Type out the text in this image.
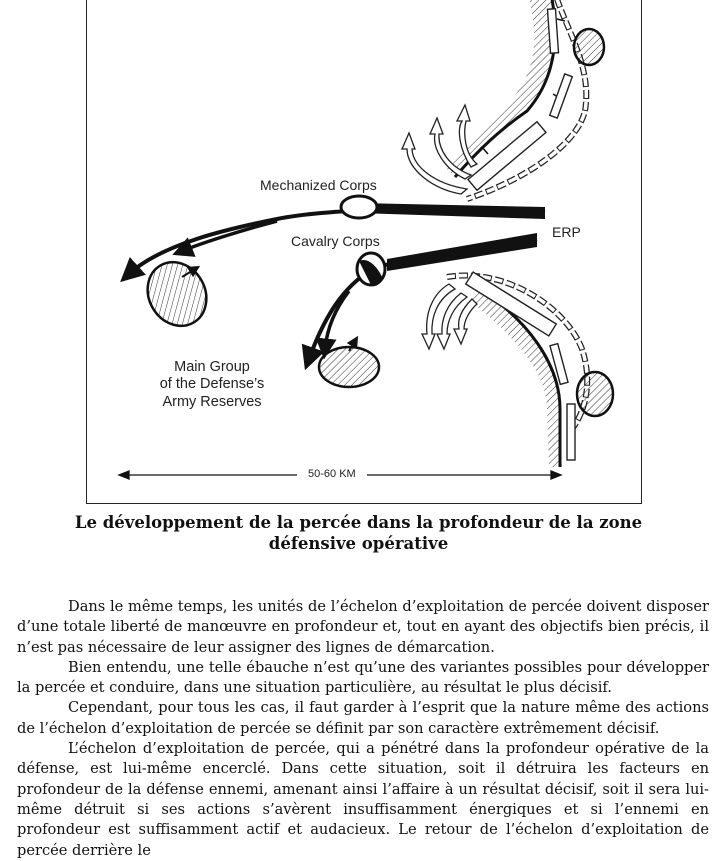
Mechanized Corps
Cavalry Corps
ERP
Main Group
of the Defense’s
Army Reserves
50-60 KM
Le développement de la percée dans la profondeur de la zone défensive opérative

Dans le même temps, les unités de l’échelon d’exploitation de percée doivent disposer d’une totale liberté de manœuvre en profondeur et, tout en ayant des objectifs bien précis, il n’est pas nécessaire de leur assigner des lignes de démarcation.

Bien entendu, une telle ébauche n’est qu’une des variantes possibles pour développer la percée et conduire, dans une situation particulière, au résultat le plus décisif.

Cependant, pour tous les cas, il faut garder à l’esprit que la nature même des actions de l’échelon d’exploitation de percée se définit par son caractère extrêmement décisif.

L’échelon d’exploitation de percée, qui a pénétré dans la profondeur opérative de la défense, est lui-même encerclé. Dans cette situation, soit il détruira les facteurs en profondeur de la défense ennemi, amenant ainsi l’affaire à un résultat décisif, soit il sera lui-même détruit si ses actions s’avèrent insuffisamment énergiques et si l’ennemi en profondeur est suffisamment actif et audacieux. Le retour de l’échelon d’exploitation de percée derrière le
